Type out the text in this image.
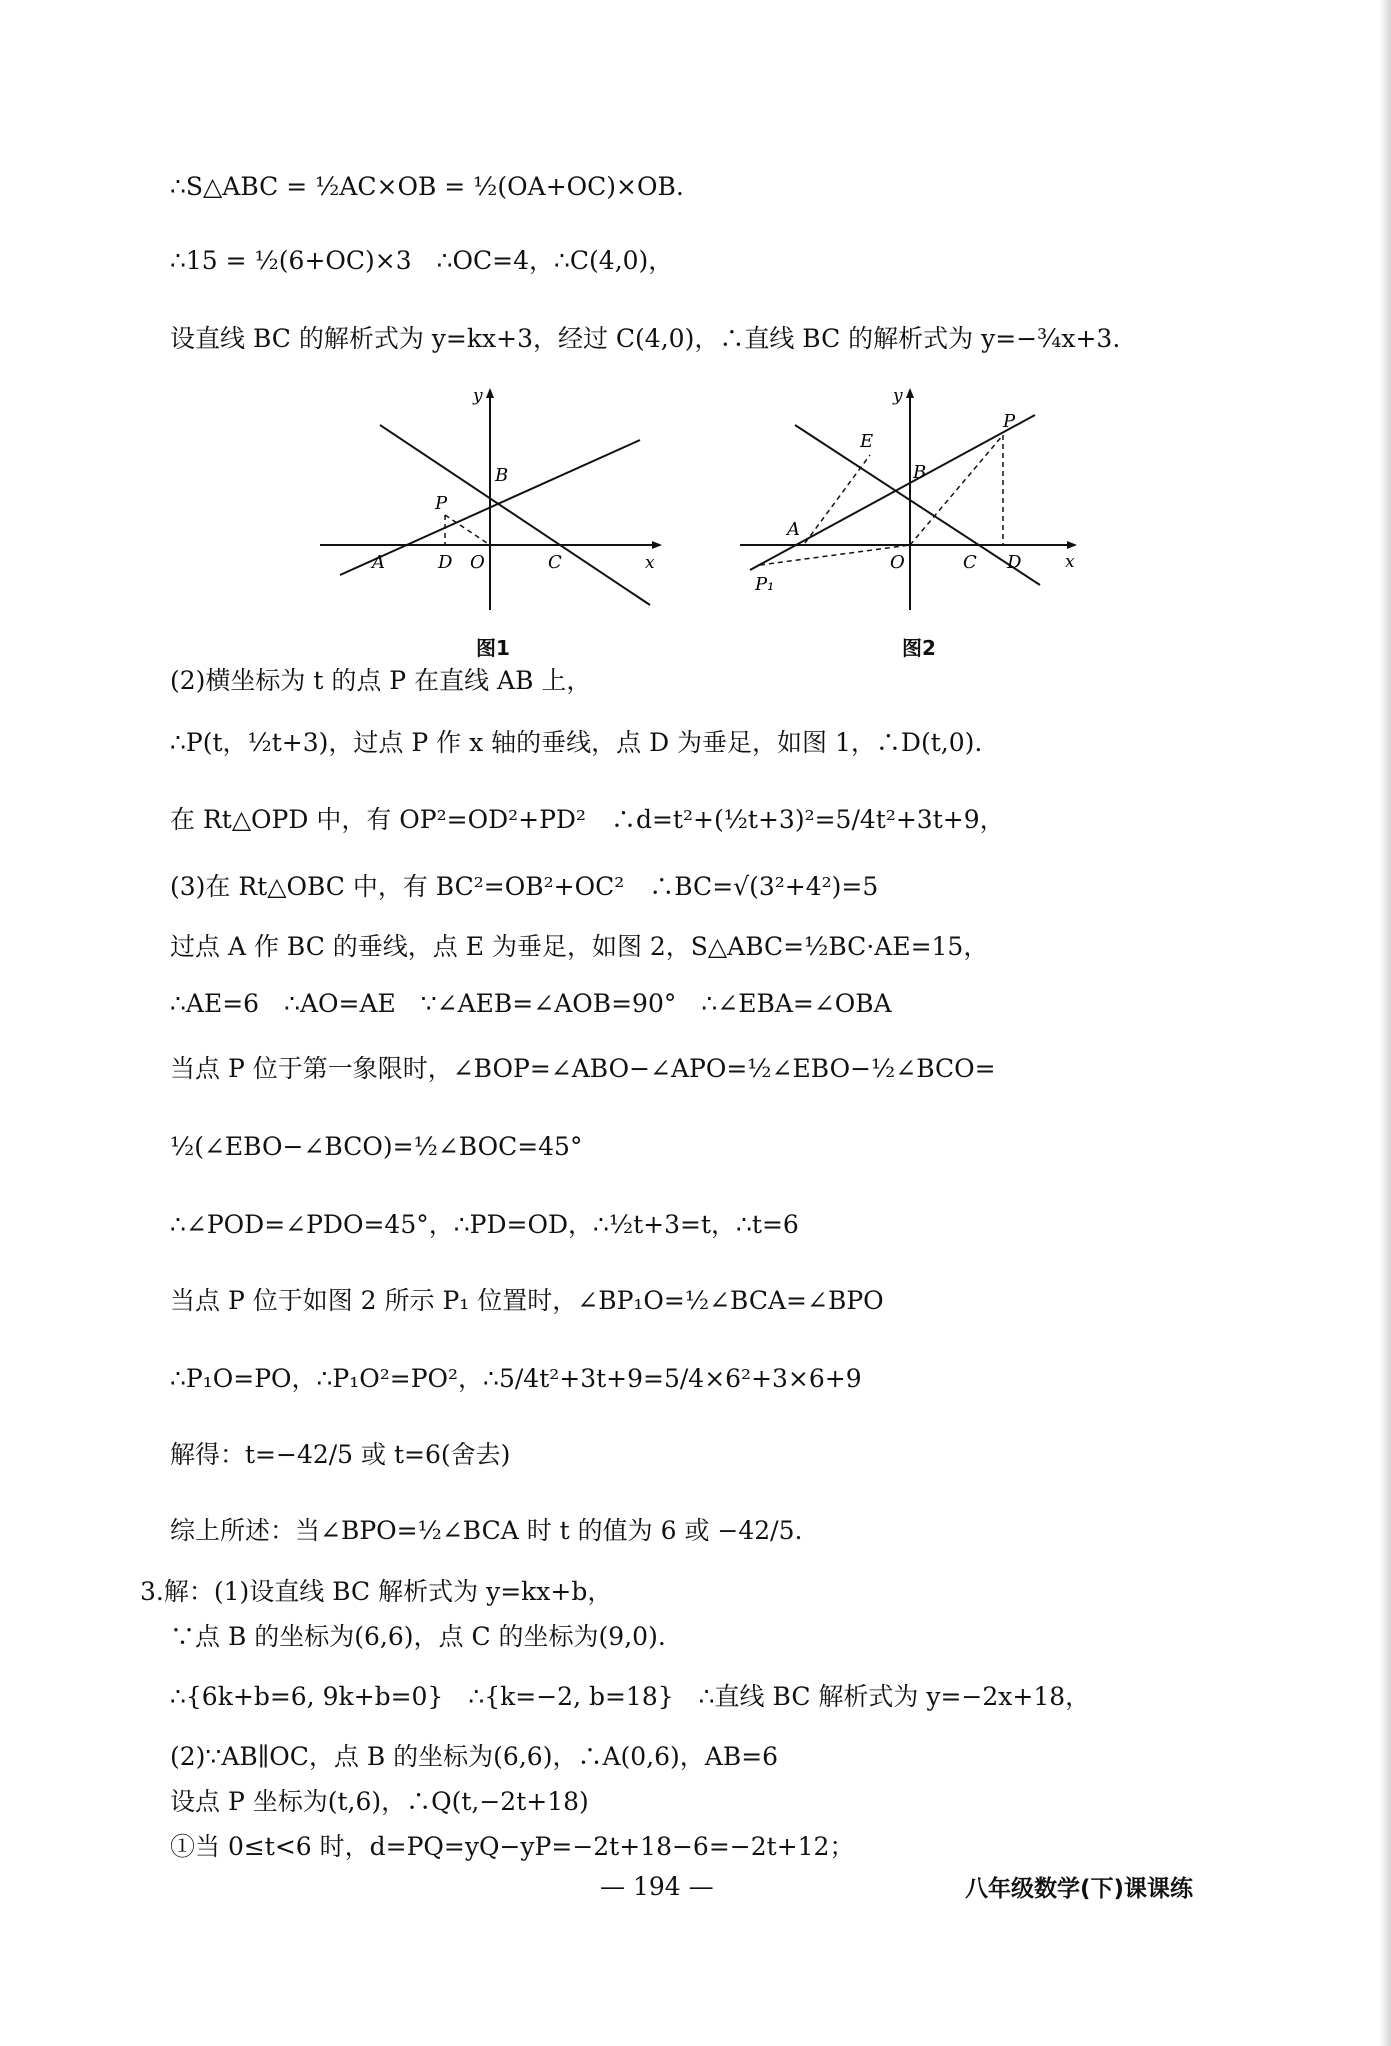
∴S△ABC = ½AC×OB = ½(OA+OC)×OB.
∴15 = ½(6+OC)×3　∴OC=4，∴C(4,0)，
设直线 BC 的解析式为 y=kx+3，经过 C(4,0)，∴直线 BC 的解析式为 y=−¾x+3.
y
x
B
P
A	D O	C
图1
y
x
E
P
B
A
O	C D
P₁
图2
(2)横坐标为 t 的点 P 在直线 AB 上，
∴P(t，½t+3)，过点 P 作 x 轴的垂线，点 D 为垂足，如图 1，∴D(t,0).
在 Rt△OPD 中，有 OP²=OD²+PD²　∴d=t²+(½t+3)²=5/4t²+3t+9，
(3)在 Rt△OBC 中，有 BC²=OB²+OC²　∴BC=√(3²+4²)=5
过点 A 作 BC 的垂线，点 E 为垂足，如图 2，S△ABC=½BC·AE=15，
∴AE=6　∴AO=AE　∵∠AEB=∠AOB=90°　∴∠EBA=∠OBA
当点 P 位于第一象限时，∠BOP=∠ABO−∠APO=½∠EBO−½∠BCO=
½(∠EBO−∠BCO)=½∠BOC=45°
∴∠POD=∠PDO=45°，∴PD=OD，∴½t+3=t，∴t=6
当点 P 位于如图 2 所示 P₁ 位置时，∠BP₁O=½∠BCA=∠BPO
∴P₁O=PO，∴P₁O²=PO²，∴5/4t²+3t+9=5/4×6²+3×6+9
解得：t=−42/5 或 t=6(舍去)
综上所述：当∠BPO=½∠BCA 时 t 的值为 6 或 −42/5.
3.解：(1)设直线 BC 解析式为 y=kx+b，
∵点 B 的坐标为(6,6)，点 C 的坐标为(9,0).
∴{6k+b=6, 9k+b=0}　∴{k=−2, b=18}　∴直线 BC 解析式为 y=−2x+18，
(2)∵AB∥OC，点 B 的坐标为(6,6)，∴A(0,6)，AB=6
设点 P 坐标为(t,6)，∴Q(t,−2t+18)
①当 0≤t<6 时，d=PQ=yQ−yP=−2t+18−6=−2t+12；
— 194 —	八年级数学(下)课课练
